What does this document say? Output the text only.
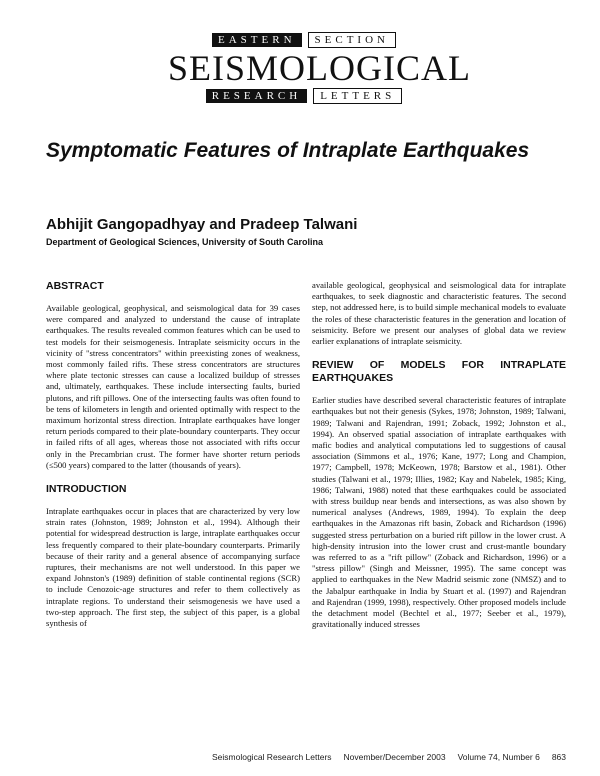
EASTERN	SECTION
SEISMOLOGICAL
RESEARCH	LETTERS
Symptomatic Features of Intraplate Earthquakes
Abhijit Gangopadhyay and Pradeep Talwani
Department of Geological Sciences, University of South Carolina
ABSTRACT

Available geological, geophysical, and seismological data for 39 cases were compared and analyzed to understand the cause of intraplate earthquakes. The results revealed common features which can be used to test models for their seismogenesis. Intraplate seismicity occurs in the vicinity of "stress concentrators" within preexisting zones of weakness, most commonly failed rifts. These stress concentrators are structures where plate tectonic stresses can cause a localized buildup of stresses and, ultimately, earthquakes. These include intersecting faults, buried plutons, and rift pillows. One of the intersecting faults was often found to be tens of kilometers in length and oriented optimally with respect to the maximum horizontal stress direction. Intraplate earthquakes have longer return periods compared to their plate-boundary counterparts. They occur in failed rifts of all ages, whereas those not associated with rifts occur only in the Precambrian crust. The former have shorter return periods (≤500 years) compared to the latter (thousands of years).

INTRODUCTION

Intraplate earthquakes occur in places that are characterized by very low strain rates (Johnston, 1989; Johnston et al., 1994). Although their potential for widespread destruction is large, intraplate earthquakes occur less frequently compared to their plate-boundary counterparts. Primarily because of their rarity and a general absence of accompanying surface ruptures, their mechanisms are not well understood. In this paper we expand Johnston's (1989) definition of stable continental regions (SCR) to include Cenozoic-age structures and refer to them collectively as intraplate regions. To understand their seismogenesis we have used a two-step approach. The first step, the subject of this paper, is a global synthesis of

available geological, geophysical and seismological data for intraplate earthquakes, to seek diagnostic and characteristic features. The second step, not addressed here, is to build simple mechanical models to evaluate the roles of these characteristic features in the generation and location of seismicity. Before we present our analyses of global data we review earlier explanations of intraplate seismicity.

REVIEW OF MODELS FOR INTRAPLATE EARTHQUAKES

Earlier studies have described several characteristic features of intraplate earthquakes but not their genesis (Sykes, 1978; Johnston, 1989; Talwani, 1989; Talwani and Rajendran, 1991; Zoback, 1992; Johnston et al., 1994). An observed spatial association of intraplate earthquakes with mafic bodies and analytical computations led to suggestions of causal association (Simmons et al., 1976; Kane, 1977; Long and Champion, 1977; Campbell, 1978; McKeown, 1978; Barstow et al., 1981). Other studies (Talwani et al., 1979; Illies, 1982; Kay and Nabelek, 1985; King, 1986; Talwani, 1988) noted that these earthquakes could be associated with stress buildup near bends and intersections, as was also shown by numerical analyses (Andrews, 1989, 1994). To explain the deep earthquakes in the Amazonas rift basin, Zoback and Richardson (1996) suggested stress perturbation on a buried rift pillow in the lower crust. A high-density intrusion into the lower crust and crust-mantle boundary was referred to as a "rift pillow" (Zoback and Richardson, 1996) or a "stress pillow" (Singh and Meissner, 1995). The same concept was applied to earthquakes in the New Madrid seismic zone (NMSZ) and to the Jabalpur earthquake in India by Stuart et al. (1997) and Rajendran and Rajendran (1999, 1998), respectively. Other proposed models include the detachment model (Bechtel et al., 1977; Seeber et al., 1979), gravitationally induced stresses

Seismological Research Letters November/December 2003 Volume 74, Number 6 863
